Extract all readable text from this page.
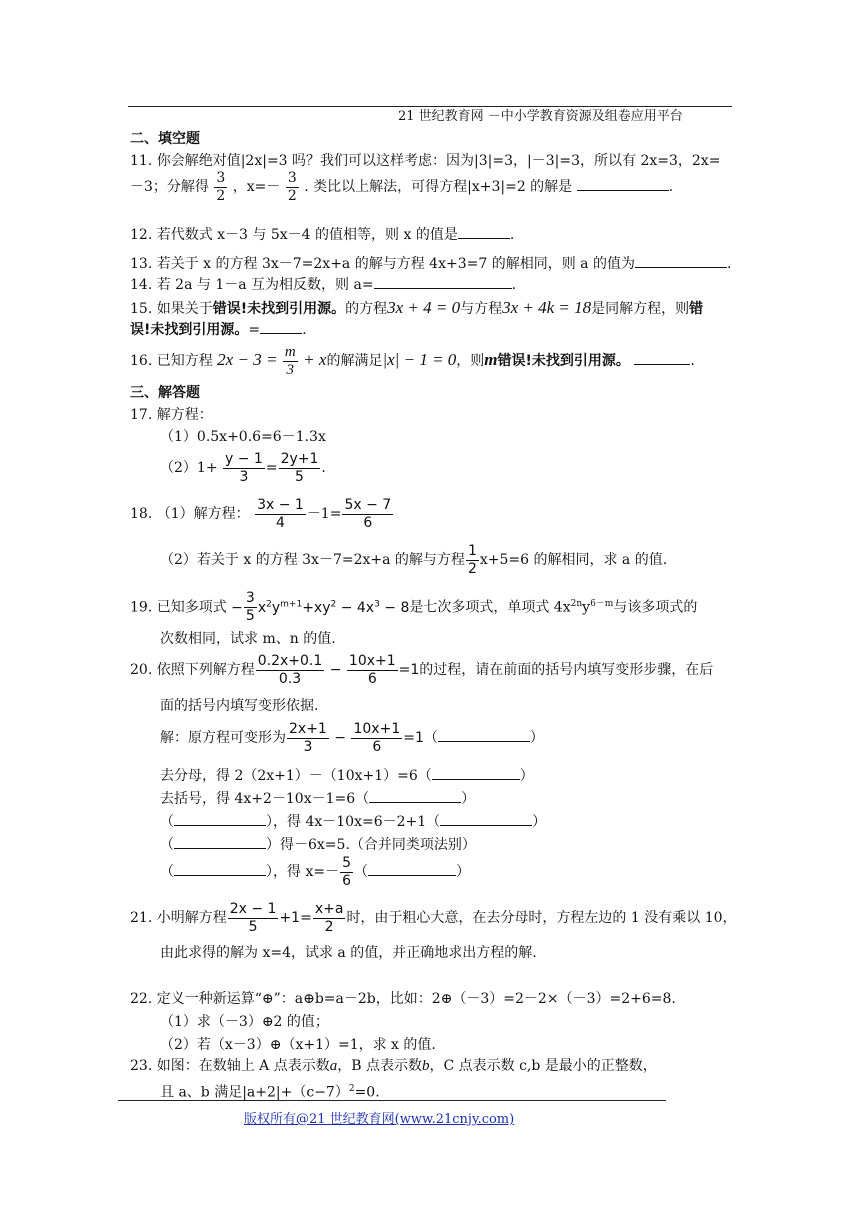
21 世纪教育网 －中小学教育资源及组卷应用平台
二、填空题
11. 你会解绝对值|2x|=3 吗？我们可以这样考虑：因为|3|=3，|－3|=3，所以有 2x=3，2x=
－3；分解得 $\frac{3}{2}$ ，$x=- \frac{3}{2}$ . 类比以上解法，可得方程|x+3|=2 的解是	.
12. 若代数式 x－3 与 5x－4 的值相等，则 x 的值是	.
13. 若关于 x 的方程 3x－7=2x+a 的解与方程 4x+3=7 的解相同，则 a 的值为	.
14. 若 2a 与 1－a 互为相反数，则 a=	.
15. 如果关于错误!未找到引用源。的方程3x + 4 = 0与方程3x + 4k = 18是同解方程，则错
误!未找到引用源。=	.
16. 已知方程 $2x - 3 = \frac{m}{3} + x$的解满足|x| − 1 = 0，则m错误!未找到引用源。	.
三、解答题
17. 解方程：
（1）0.5x+0.6=6－1.3x
$(2)1+ \frac{y - 1}{3} = \frac{2y+1}{5}$ .
18. （1）解方程： $\frac{3x - 1}{4} -1= \frac{5x - 7}{6}$
（2）若关于 x 的方程 3x－7=2x+a 的解与方程 $\frac{1}{2} x+5=6$ 的解相同，求 a 的值.
19. 已知多项式 − $\frac{3}{5} x^2y^{m+1}+xy^2 - 4x^3 - 8$是七次多项式，单项式 $4x^{2n}y^{6-m}$与该多项式的
次数相同，试求 m、n 的值.
20. 依照下列解方程 $\frac{0.2x+0.1}{0.3} - \frac{10x+1}{6} =1$的过程，请在前面的括号内填写变形步骤，在后
面的括号内填写变形依据.
解：原方程可变形为 $\frac{2x+1}{3} - \frac{10x+1}{6} =1$（	）
去分母，得 2（2x+1）－（10x+1）=6（	）
去括号，得 4x+2－10x－1=6（	）
（	），得 4x－10x=6－2+1（	）
（	）得－6x=5.（合并同类项法别）
（	），得 $x=- \frac{5}{6}$ （	）
21. 小明解方程 $\frac{2x - 1}{5} +1= \frac{x+a}{2}$ 时，由于粗心大意，在去分母时，方程左边的 1 没有乘以 10，
由此求得的解为 x=4，试求 a 的值，并正确地求出方程的解.
22. 定义一种新运算“⊕”：a⊕b=a－2b，比如：2⊕（－3）=2－2×（－3）=2+6=8.
（1）求（－3）⊕2 的值；
（2）若（x－3）⊕（x+1）=1，求 x 的值.
23. 如图：在数轴上 A 点表示数a，B 点表示数b，C 点表示数 c,b 是最小的正整数，
且 a、b 满足$|a+2|+(c-7)^2=0$.
版权所有@21 世纪教育网(www.21cnjy.com)
